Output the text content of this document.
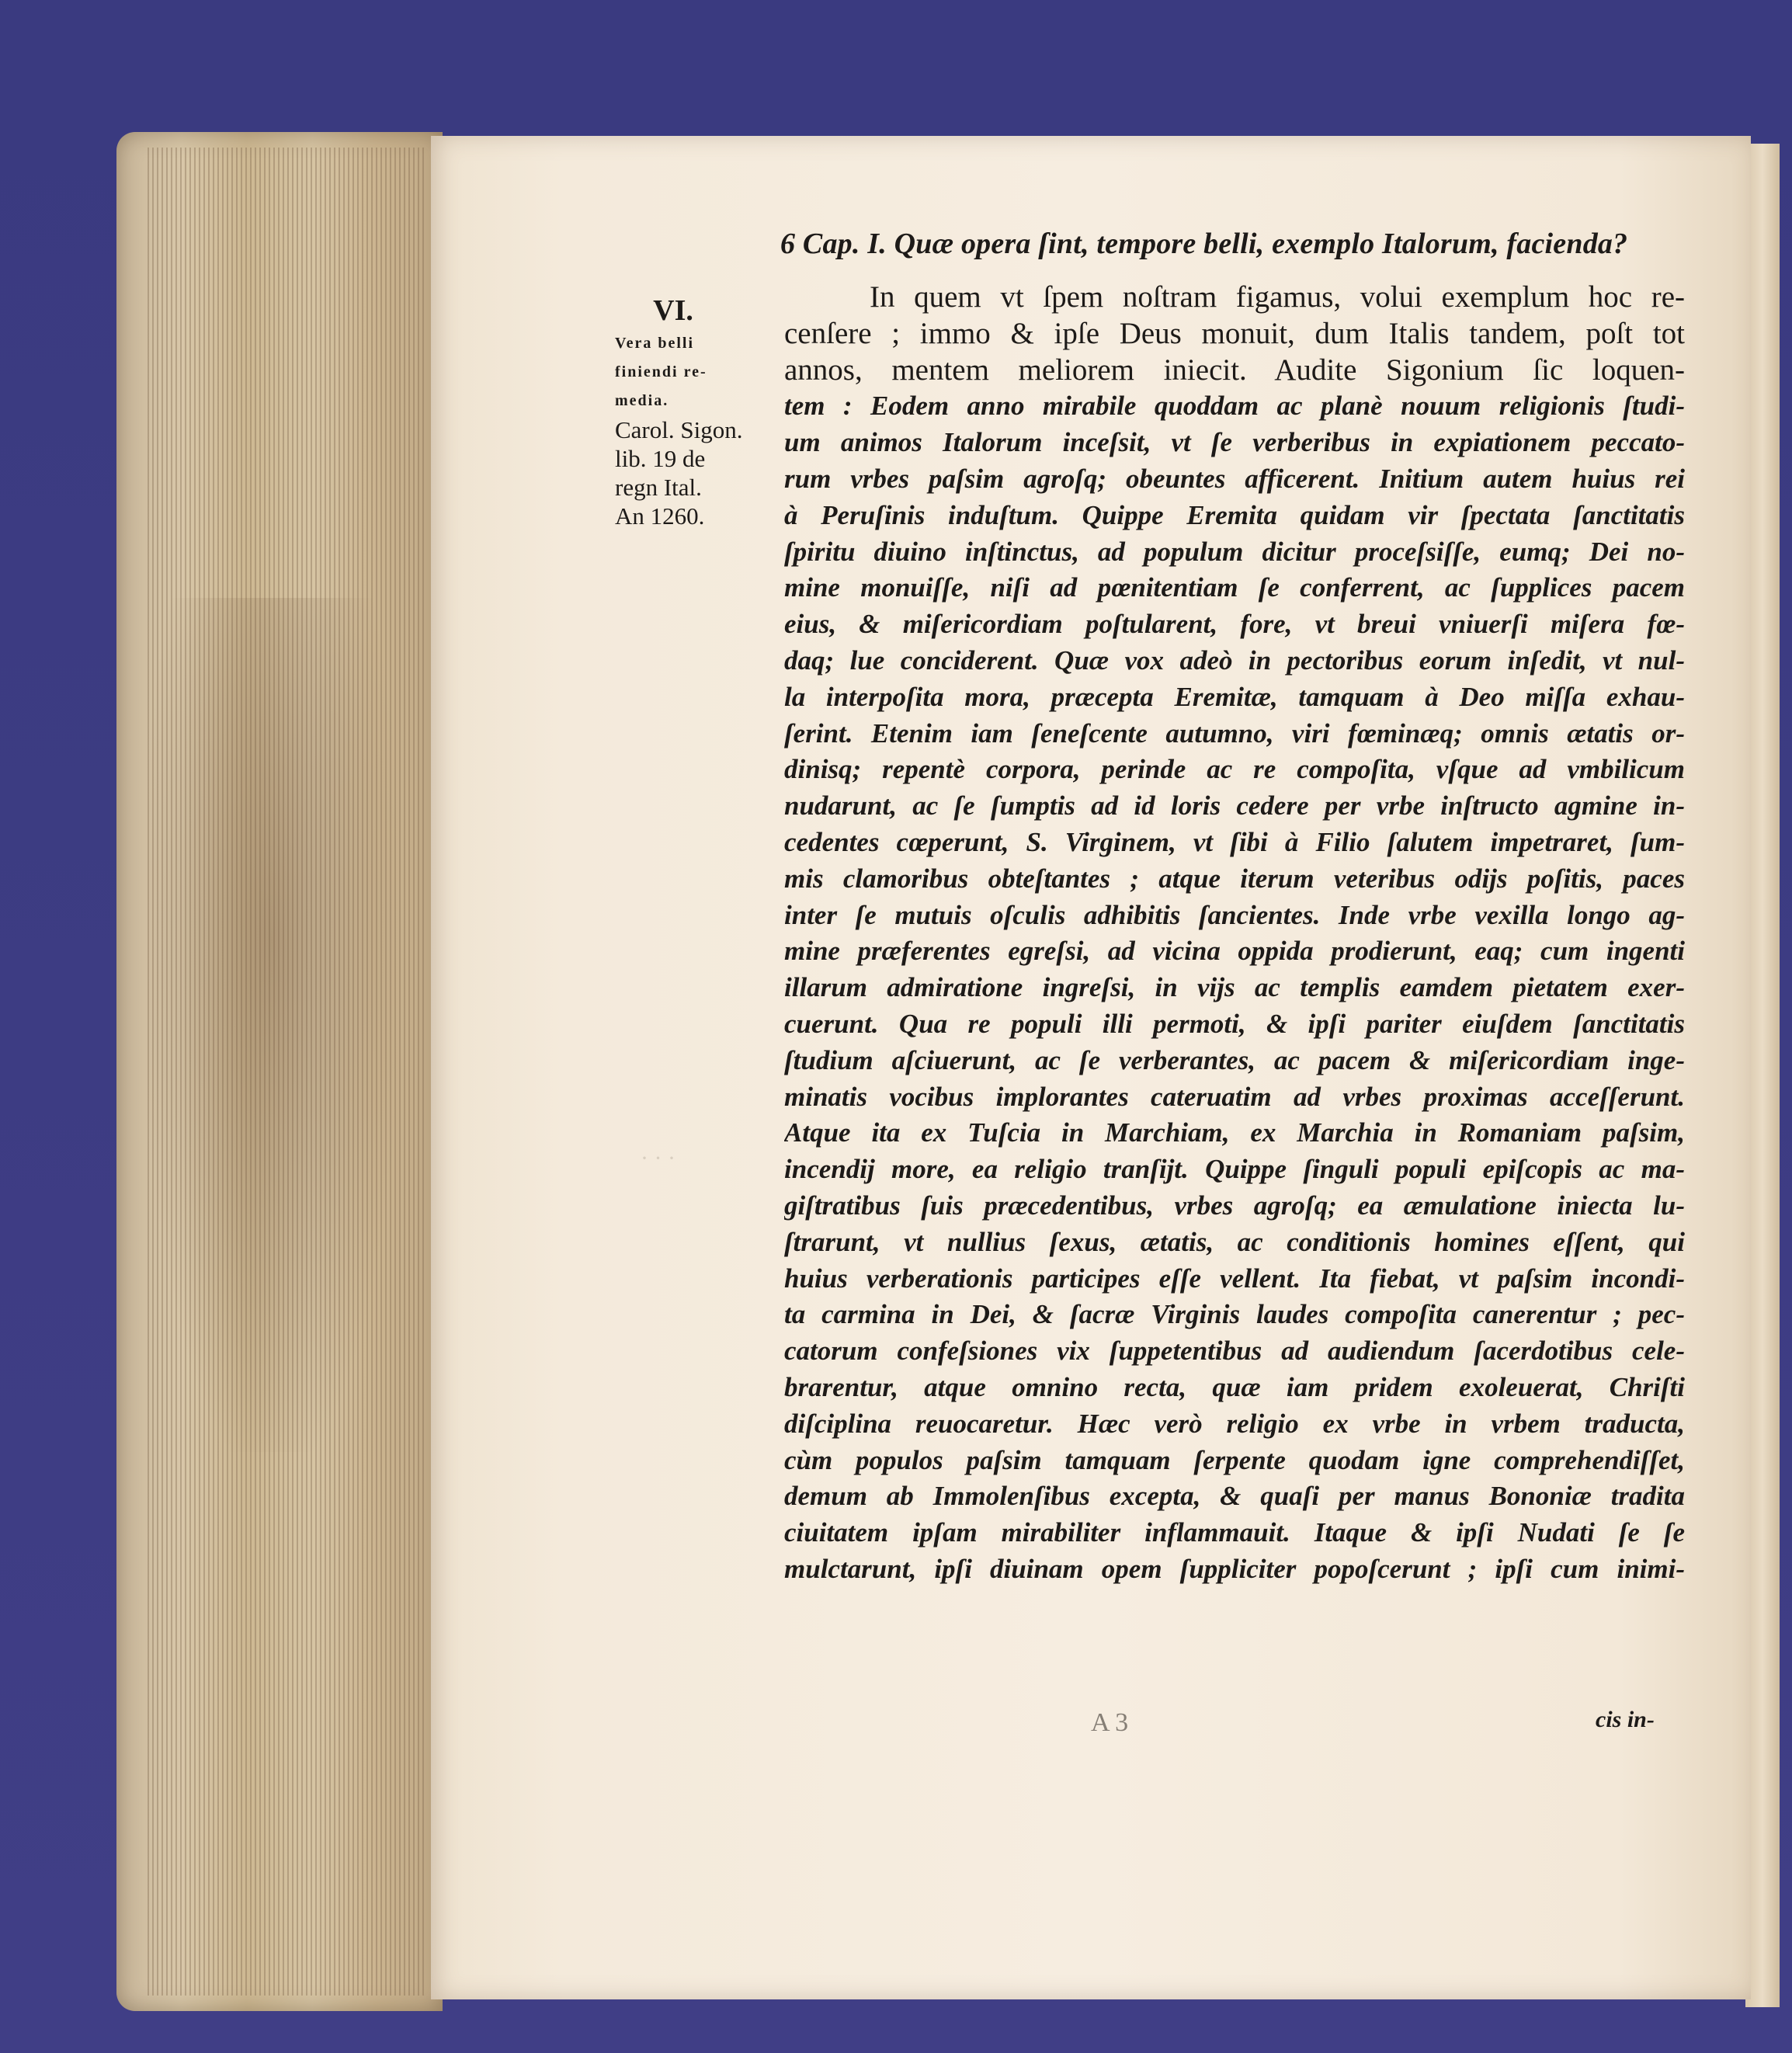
· · ·
6 Cap. I. Quæ opera ſint, tempore belli, exemplo Italorum, facienda?
VI.
Vera belli
finiendi re-
media.
Carol. Sigon.
lib. 19 de
regn Ital.
An 1260.
In quem vt ſpem noſtram figamus, volui exemplum hoc re-
cenſere ; immo & ipſe Deus monuit, dum Italis tandem, poſt tot
annos, mentem meliorem iniecit. Audite Sigonium ſic loquen-
tem : Eodem anno mirabile quoddam ac planè nouum religionis ſtudi-
um animos Italorum inceſsit, vt ſe verberibus in expiationem peccato-
rum vrbes paſsim agroſq; obeuntes afficerent. Initium autem huius rei
à Peruſinis induſtum. Quippe Eremita quidam vir ſpectata ſanctitatis
ſpiritu diuino inſtinctus, ad populum dicitur proceſsiſſe, eumq; Dei no-
mine monuiſſe, niſi ad pœnitentiam ſe conferrent, ac ſupplices pacem
eius, & miſericordiam poſtularent, fore, vt breui vniuerſi miſera fœ-
daq; lue conciderent. Quæ vox adeò in pectoribus eorum inſedit, vt nul-
la interpoſita mora, præcepta Eremitæ, tamquam à Deo miſſa exhau-
ſerint. Etenim iam ſeneſcente autumno, viri fœminæq; omnis ætatis or-
dinisq; repentè corpora, perinde ac re compoſita, vſque ad vmbilicum
nudarunt, ac ſe ſumptis ad id loris cedere per vrbe inſtructo agmine in-
cedentes cœperunt, S. Virginem, vt ſibi à Filio ſalutem impetraret, ſum-
mis clamoribus obteſtantes ; atque iterum veteribus odijs poſitis, paces
inter ſe mutuis oſculis adhibitis ſancientes. Inde vrbe vexilla longo ag-
mine præferentes egreſsi, ad vicina oppida prodierunt, eaq; cum ingenti
illarum admiratione ingreſsi, in vijs ac templis eamdem pietatem exer-
cuerunt. Qua re populi illi permoti, & ipſi pariter eiuſdem ſanctitatis
ſtudium aſciuerunt, ac ſe verberantes, ac pacem & miſericordiam inge-
minatis vocibus implorantes cateruatim ad vrbes proximas acceſſerunt.
Atque ita ex Tuſcia in Marchiam, ex Marchia in Romaniam paſsim,
incendij more, ea religio tranſijt. Quippe ſinguli populi epiſcopis ac ma-
giſtratibus ſuis præcedentibus, vrbes agroſq; ea æmulatione iniecta lu-
ſtrarunt, vt nullius ſexus, ætatis, ac conditionis homines eſſent, qui
huius verberationis participes eſſe vellent. Ita fiebat, vt paſsim incondi-
ta carmina in Dei, & ſacræ Virginis laudes compoſita canerentur ; pec-
catorum confeſsiones vix ſuppetentibus ad audiendum ſacerdotibus cele-
brarentur, atque omnino recta, quæ iam pridem exoleuerat, Chriſti
diſciplina reuocaretur. Hæc verò religio ex vrbe in vrbem traducta,
cùm populos paſsim tamquam ſerpente quodam igne comprehendiſſet,
demum ab Immolenſibus excepta, & quaſi per manus Bononiæ tradita
ciuitatem ipſam mirabiliter inflammauit. Itaque & ipſi Nudati ſe ſe
mulctarunt, ipſi diuinam opem ſuppliciter popoſcerunt ; ipſi cum inimi-
A 3	cis in-
